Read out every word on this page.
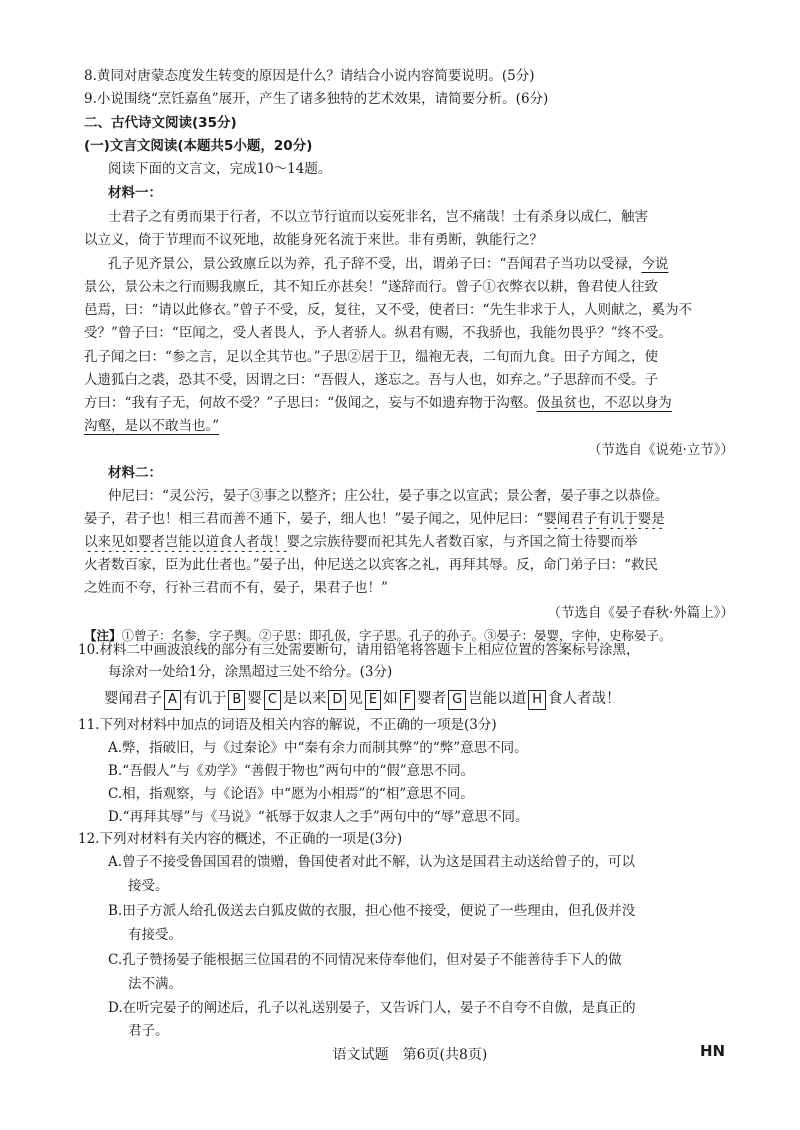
8.黄同对唐蒙态度发生转变的原因是什么？请结合小说内容简要说明。(5分)
9.小说围绕“烹饪嘉鱼”展开，产生了诸多独特的艺术效果，请简要分析。(6分)
二、古代诗文阅读(35分)
(一)文言文阅读(本题共5小题，20分)
阅读下面的文言文，完成10～14题。
材料一：
士君子之有勇而果于行者，不以立节行谊而以妄死非名，岂不痛哉！士有杀身以成仁，触害
以立义，倚于节理而不议死地，故能身死名流于来世。非有勇断，孰能行之？
孔子见齐景公，景公致廪丘以为养，孔子辞不受，出，谓弟子曰：“吾闻君子当功以受禄，今说
景公，景公未之行而赐我廪丘，其不知丘亦甚矣！”遂辞而行。曾子①衣弊衣以耕，鲁君使人往致
邑焉，曰：“请以此修衣。”曾子不受，反，复往，又不受，使者曰：“先生非求于人，人则献之，奚为不
受？”曾子曰：“臣闻之，受人者畏人，予人者骄人。纵君有赐，不我骄也，我能勿畏乎？”终不受。
孔子闻之曰：“参之言，足以全其节也。”子思②居于卫，缊袍无表，二旬而九食。田子方闻之，使
人遗狐白之裘，恐其不受，因谓之曰：“吾假人，遂忘之。吾与人也，如弃之。”子思辞而不受。子
方曰：“我有子无，何故不受？”子思曰：“伋闻之，妄与不如遗弃物于沟壑。伋虽贫也，不忍以身为
沟壑，是以不敢当也。”
（节选自《说苑·立节》）
材料二：
仲尼曰：“灵公污，晏子③事之以整齐；庄公壮，晏子事之以宣武；景公奢，晏子事之以恭俭。
晏子，君子也！相三君而善不通下，晏子，细人也！”晏子闻之，见仲尼曰：“婴闻君子有讥于婴是
以来见如婴者岂能以道食人者哉！婴之宗族待婴而祀其先人者数百家，与齐国之简士待婴而举
火者数百家，臣为此仕者也。”晏子出，仲尼送之以宾客之礼，再拜其辱。反，命门弟子曰：“救民
之姓而不夸，行补三君而不有，晏子，果君子也！”
（节选自《晏子春秋·外篇上》）
【注】①曾子：名参，字子舆。②子思：即孔伋，字子思。孔子的孙子。③晏子：晏婴，字仲，史称晏子。
10.材料二中画波浪线的部分有三处需要断句，请用铅笔将答题卡上相应位置的答案标号涂黑，
每涂对一处给1分，涂黑超过三处不给分。(3分)
婴闻君子 A 有讥于 B 婴 C 是以来 D 见 E 如 F 婴者 G 岂能以道 H 食人者哉！
11.下列对材料中加点的词语及相关内容的解说，不正确的一项是(3分)
A.弊，指破旧，与《过秦论》中“秦有余力而制其弊”的“弊”意思不同。
B.“吾假人”与《劝学》“善假于物也”两句中的“假”意思不同。
C.相，指观察，与《论语》中“愿为小相焉”的“相”意思不同。
D.“再拜其辱”与《马说》“祇辱于奴隶人之手”两句中的“辱”意思不同。
12.下列对材料有关内容的概述，不正确的一项是(3分)
A.曾子不接受鲁国国君的馈赠，鲁国使者对此不解，认为这是国君主动送给曾子的，可以
接受。
B.田子方派人给孔伋送去白狐皮做的衣服，担心他不接受，便说了一些理由，但孔伋并没
有接受。
C.孔子赞扬晏子能根据三位国君的不同情况来侍奉他们，但对晏子不能善待手下人的做
法不满。
D.在听完晏子的阐述后，孔子以礼送别晏子，又告诉门人，晏子不自夸不自傲，是真正的
君子。
语文试题　第6页(共8页)	HN
